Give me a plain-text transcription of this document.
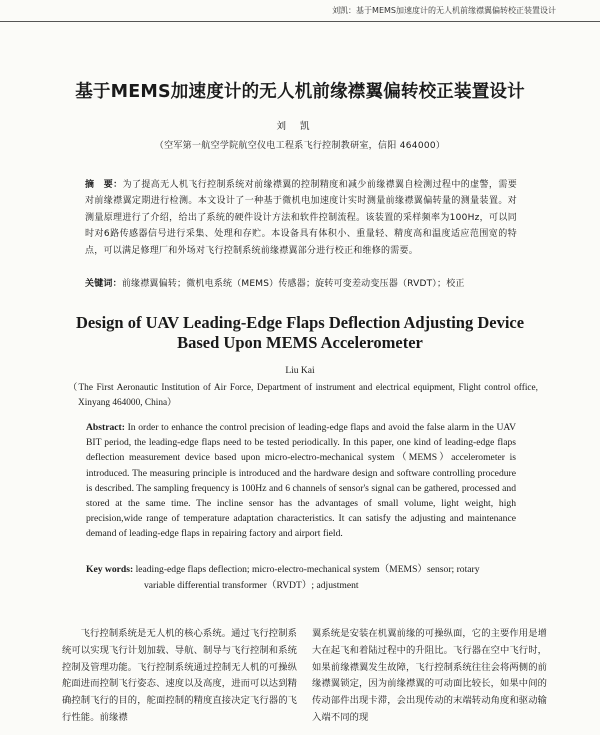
刘凯：基于MEMS加速度计的无人机前缘襟翼偏转校正装置设计
基于MEMS加速度计的无人机前缘襟翼偏转校正装置设计
刘凯
（空军第一航空学院航空仪电工程系飞行控制教研室，信阳 464000）
摘　要：为了提高无人机飞行控制系统对前缘襟翼的控制精度和减少前缘襟翼自检测过程中的虚警，需要对前缘襟翼定期进行检测。本文设计了一种基于微机电加速度计实时测量前缘襟翼偏转量的测量装置。对测量原理进行了介绍，给出了系统的硬件设计方法和软件控制流程。该装置的采样频率为100Hz，可以同时对6路传感器信号进行采集、处理和存贮。本设备具有体积小、重量轻、精度高和温度适应范围宽的特点，可以满足修理厂和外场对飞行控制系统前缘襟翼部分进行校正和维修的需要。
关键词：前缘襟翼偏转；微机电系统（MEMS）传感器；旋转可变差动变压器（RVDT）；校正
Design of UAV Leading-Edge Flaps Deflection Adjusting Device
Based Upon MEMS Accelerometer
Liu Kai
（The First Aeronautic Institution of Air Force, Department of instrument and electrical equipment, Flight control office, Xinyang 464000, China）
Abstract: In order to enhance the control precision of leading-edge flaps and avoid the false alarm in the UAV BIT period, the leading-edge flaps need to be tested periodically. In this paper, one kind of leading-edge flaps deflection measurement device based upon micro-electro-mechanical system（MEMS）accelerometer is introduced. The measuring principle is introduced and the hardware design and software controlling procedure is described. The sampling frequency is 100Hz and 6 channels of sensor's signal can be gathered, processed and stored at the same time. The incline sensor has the advantages of small volume, light weight, high precision,wide range of temperature adaptation characteristics. It can satisfy the adjusting and maintenance demand of leading-edge flaps in repairing factory and airport field.
Key words: leading-edge flaps deflection; micro-electro-mechanical system（MEMS）sensor; rotary
variable differential transformer（RVDT）; adjustment
飞行控制系统是无人机的核心系统。通过飞行控制系统可以实现飞行计划加载、导航、制导与飞行控制和系统控制及管理功能。飞行控制系统通过控制无人机的可操纵舵面进而控制飞行姿态、速度以及高度，进而可以达到精确控制飞行的目的，舵面控制的精度直接决定飞行器的飞行性能。前缘襟
翼系统是安装在机翼前缘的可操纵面，它的主要作用是增大在起飞和着陆过程中的升阻比。飞行器在空中飞行时，如果前缘襟翼发生故障，飞行控制系统往往会将两侧的前缘襟翼锁定，因为前缘襟翼的可动面比较长，如果中间的传动部件出现卡滞，会出现传动的末端转动角度和驱动输入端不同的现
